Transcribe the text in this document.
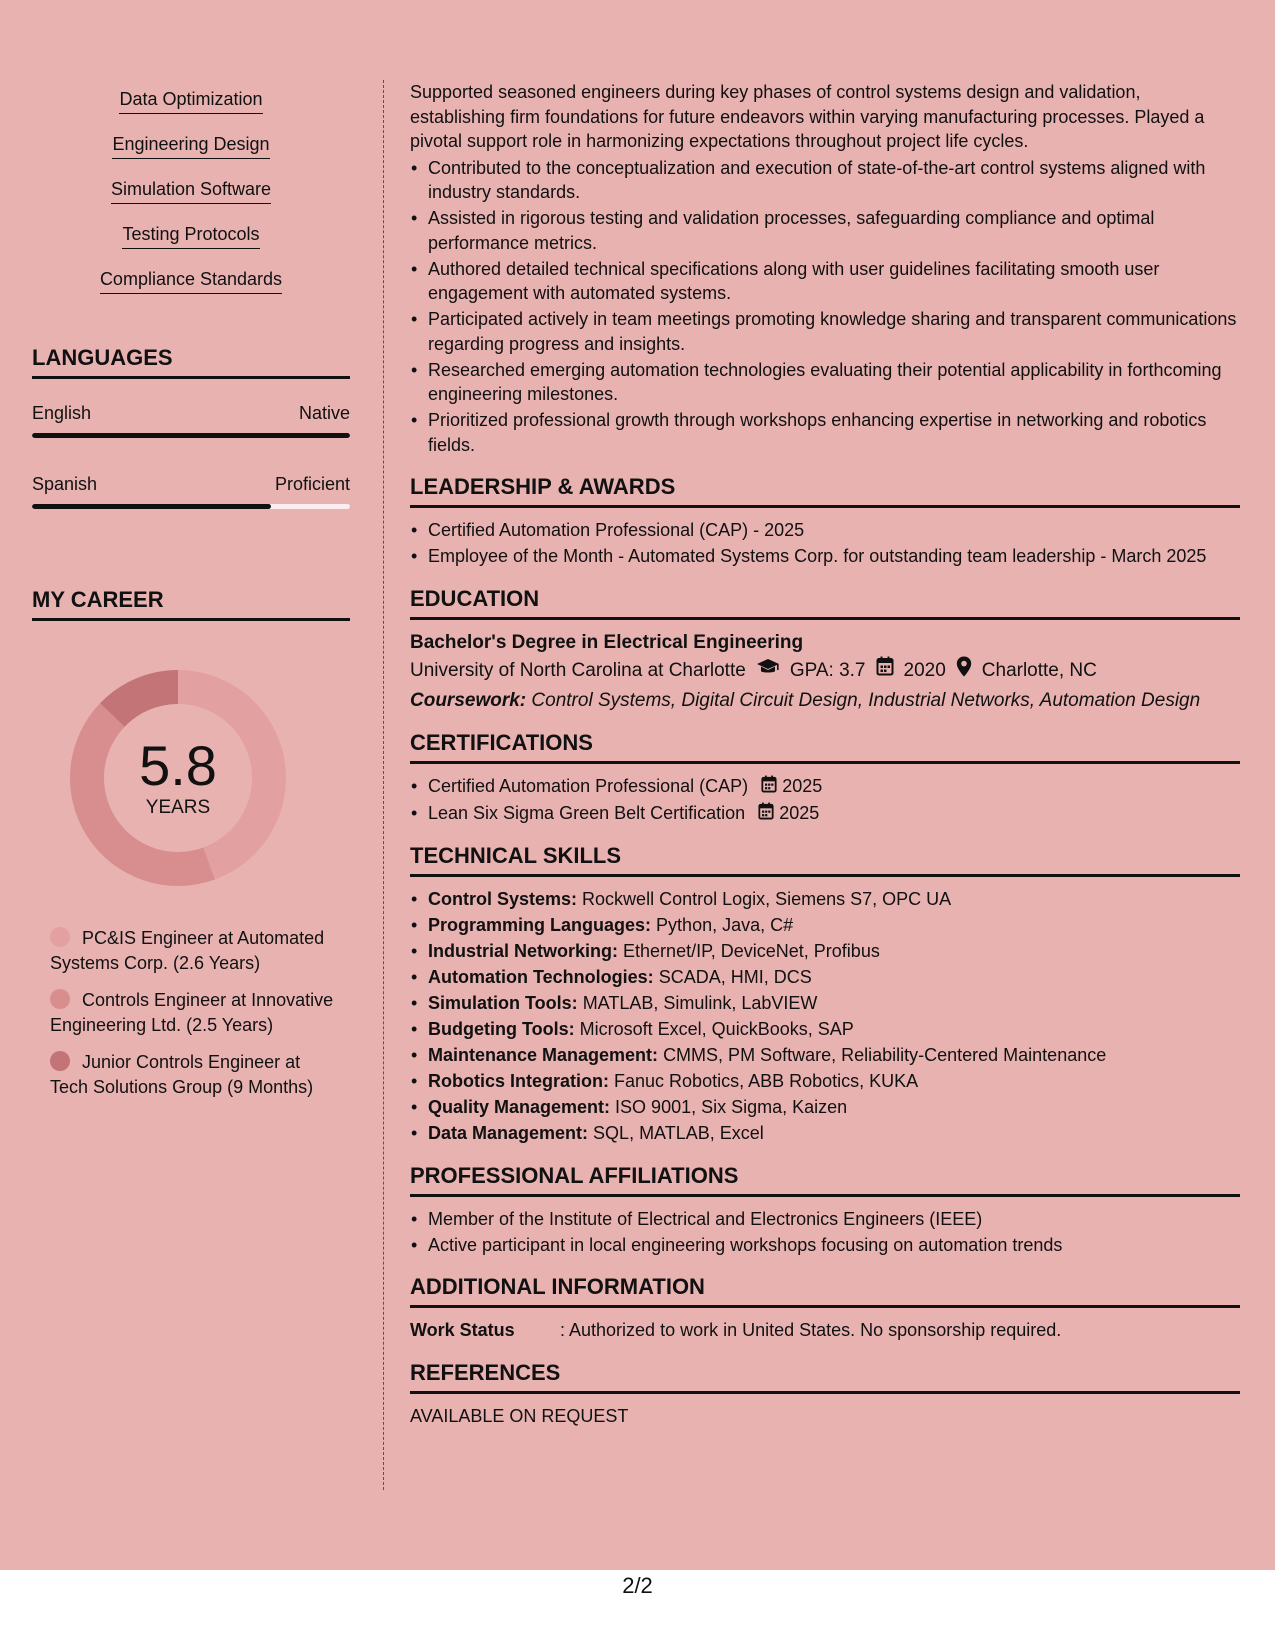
Data Optimization
Engineering Design
Simulation Software
Testing Protocols
Compliance Standards
LANGUAGES
English	Native
Spanish	Proficient
MY CAREER
5.8
YEARS
PC&IS Engineer at Automated Systems Corp. (2.6 Years)
Controls Engineer at Innovative Engineering Ltd. (2.5 Years)
Junior Controls Engineer at Tech Solutions Group (9 Months)
Supported seasoned engineers during key phases of control systems design and validation, establishing firm foundations for future endeavors within varying manufacturing processes. Played a pivotal support role in harmonizing expectations throughout project life cycles.
• Contributed to the conceptualization and execution of state-of-the-art control systems aligned with industry standards.
• Assisted in rigorous testing and validation processes, safeguarding compliance and optimal performance metrics.
• Authored detailed technical specifications along with user guidelines facilitating smooth user engagement with automated systems.
• Participated actively in team meetings promoting knowledge sharing and transparent communications regarding progress and insights.
• Researched emerging automation technologies evaluating their potential applicability in forthcoming engineering milestones.
• Prioritized professional growth through workshops enhancing expertise in networking and robotics fields.
LEADERSHIP & AWARDS
• Certified Automation Professional (CAP) - 2025
• Employee of the Month - Automated Systems Corp. for outstanding team leadership - March 2025
EDUCATION
Bachelor's Degree in Electrical Engineering
University of North Carolina at Charlotte GPA: 3.7 2020 Charlotte, NC
Coursework: Control Systems, Digital Circuit Design, Industrial Networks, Automation Design
CERTIFICATIONS
• Certified Automation Professional (CAP) 2025
• Lean Six Sigma Green Belt Certification 2025
TECHNICAL SKILLS
• Control Systems: Rockwell Control Logix, Siemens S7, OPC UA
• Programming Languages: Python, Java, C#
• Industrial Networking: Ethernet/IP, DeviceNet, Profibus
• Automation Technologies: SCADA, HMI, DCS
• Simulation Tools: MATLAB, Simulink, LabVIEW
• Budgeting Tools: Microsoft Excel, QuickBooks, SAP
• Maintenance Management: CMMS, PM Software, Reliability-Centered Maintenance
• Robotics Integration: Fanuc Robotics, ABB Robotics, KUKA
• Quality Management: ISO 9001, Six Sigma, Kaizen
• Data Management: SQL, MATLAB, Excel
PROFESSIONAL AFFILIATIONS
• Member of the Institute of Electrical and Electronics Engineers (IEEE)
• Active participant in local engineering workshops focusing on automation trends
ADDITIONAL INFORMATION
Work Status	: Authorized to work in United States. No sponsorship required.
REFERENCES
AVAILABLE ON REQUEST
2/2
